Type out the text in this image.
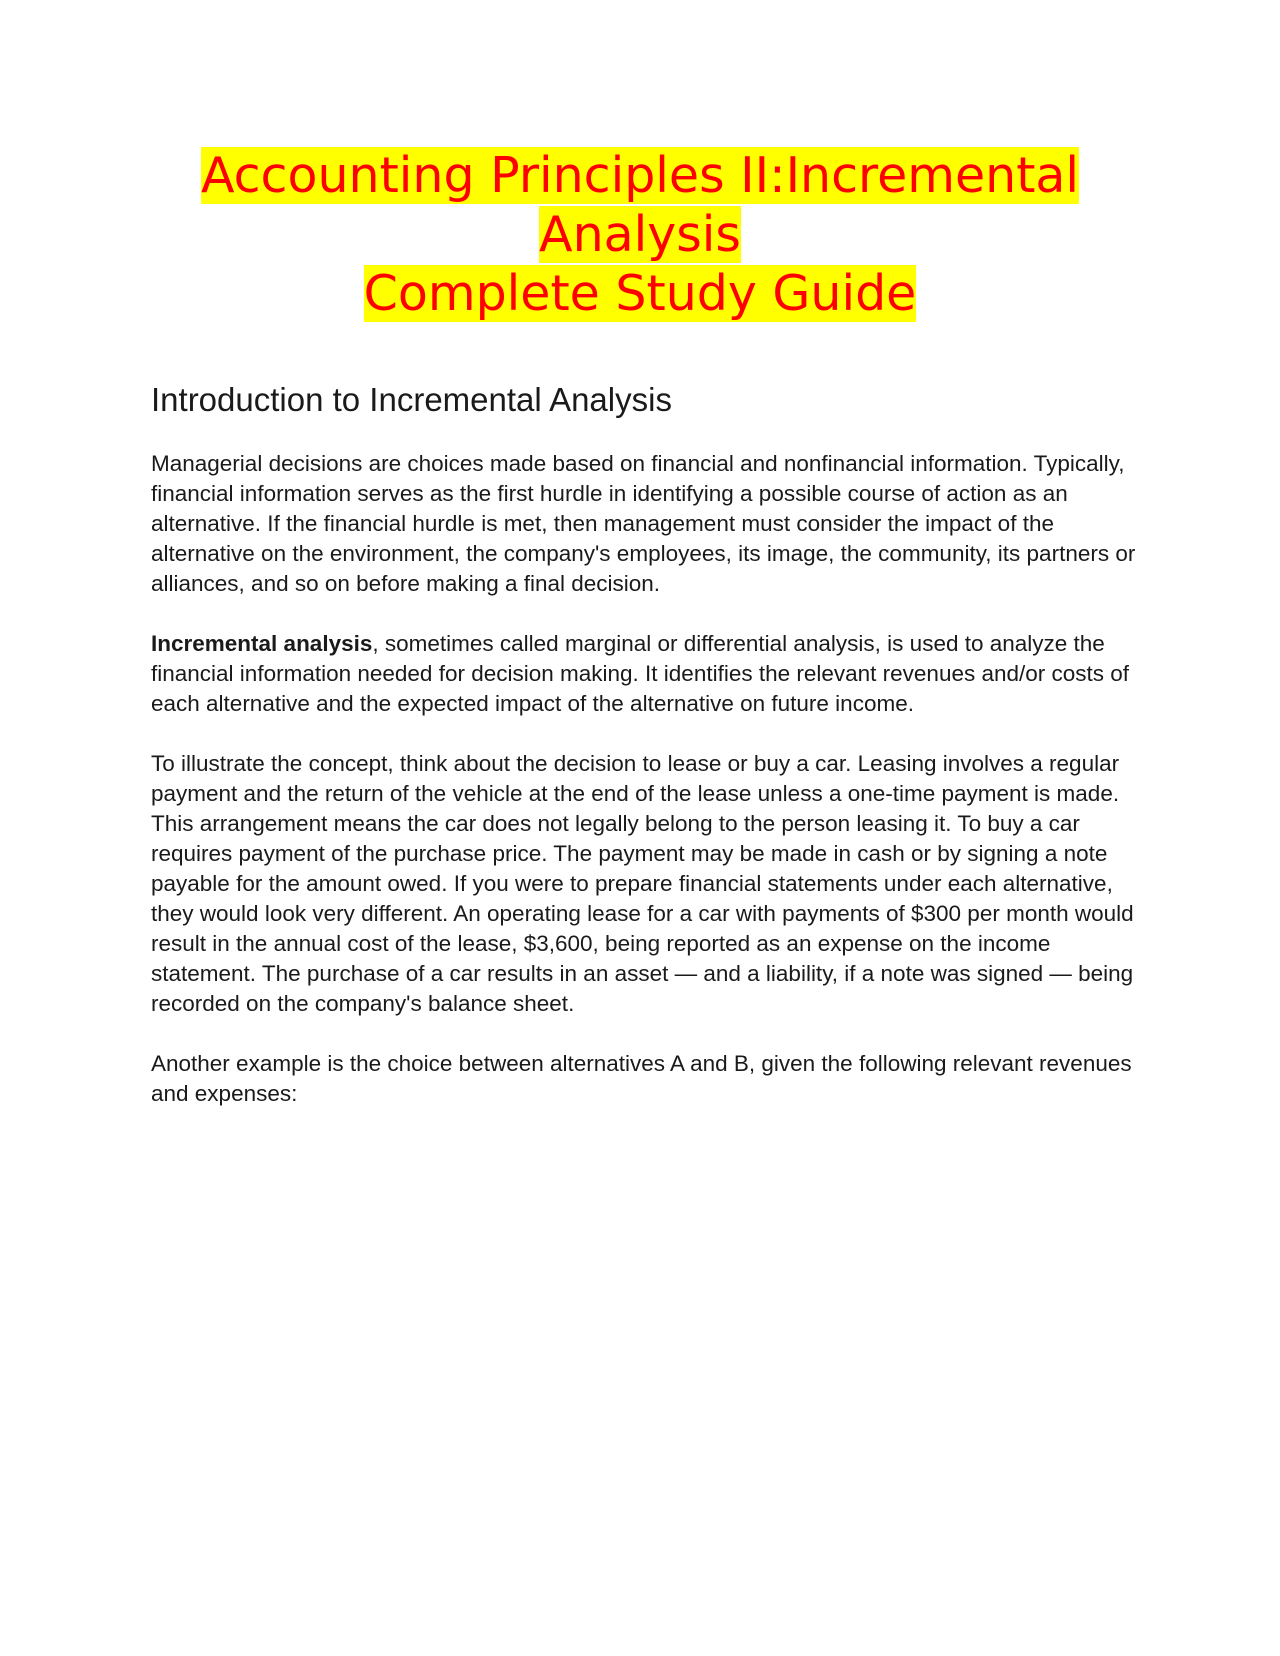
Accounting Principles II:Incremental
Analysis
Complete Study Guide
Introduction to Incremental Analysis

Managerial decisions are choices made based on financial and nonfinancial information. Typically, financial information serves as the first hurdle in identifying a possible course of action as an alternative. If the financial hurdle is met, then management must consider the impact of the alternative on the environment, the company's employees, its image, the community, its partners or alliances, and so on before making a final decision.

Incremental analysis, sometimes called marginal or differential analysis, is used to analyze the financial information needed for decision making. It identifies the relevant revenues and/or costs of each alternative and the expected impact of the alternative on future income.

To illustrate the concept, think about the decision to lease or buy a car. Leasing involves a regular payment and the return of the vehicle at the end of the lease unless a one-time payment is made. This arrangement means the car does not legally belong to the person leasing it. To buy a car requires payment of the purchase price. The payment may be made in cash or by signing a note payable for the amount owed. If you were to prepare financial statements under each alternative, they would look very different. An operating lease for a car with payments of $300 per month would result in the annual cost of the lease, $3,600, being reported as an expense on the income statement. The purchase of a car results in an asset — and a liability, if a note was signed — being recorded on the company's balance sheet.

Another example is the choice between alternatives A and B, given the following relevant revenues and expenses:
